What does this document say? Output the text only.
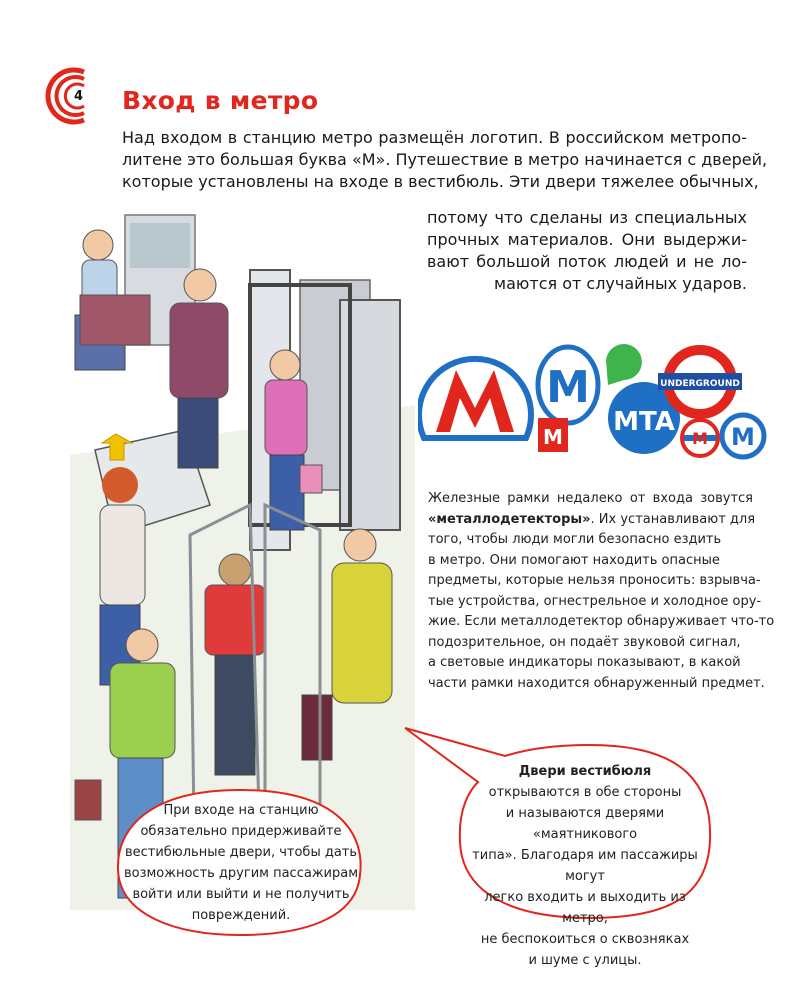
4 Вход в метро
Над входом в станцию метро размещён логотип. В российском метропо-
литене это большая буква «М». Путешествие в метро начинается с дверей,
которые установлены на входе в вестибюль. Эти двери тяжелее обычных,
потому что сделаны из специальных
прочных материалов. Они выдержи-
вают большой поток людей и не ло-
маются от случайных ударов.
М
М MTA
UNDERGROUND
M М
Железные рамки недалеко от входа зовутся
«металлодетекторы». Их устанавливают для
того, чтобы люди могли безопасно ездить
в метро. Они помогают находить опасные
предметы, которые нельзя проносить: взрывча-
тые устройства, огнестрельное и холодное ору-
жие. Если металлодетектор обнаруживает что-то
подозрительное, он подаёт звуковой сигнал,
а световые индикаторы показывают, в какой
части рамки находится обнаруженный предмет.
При входе на станцию
обязательно придерживайте
вестибюльные двери, чтобы дать
возможность другим пассажирам
войти или выйти и не получить
повреждений.
Двери вестибюля
открываются в обе стороны
и называются дверями «маятникового
типа». Благодаря им пассажиры могут
легко входить и выходить из метро,
не беспокоиться о сквозняках
и шуме с улицы.
